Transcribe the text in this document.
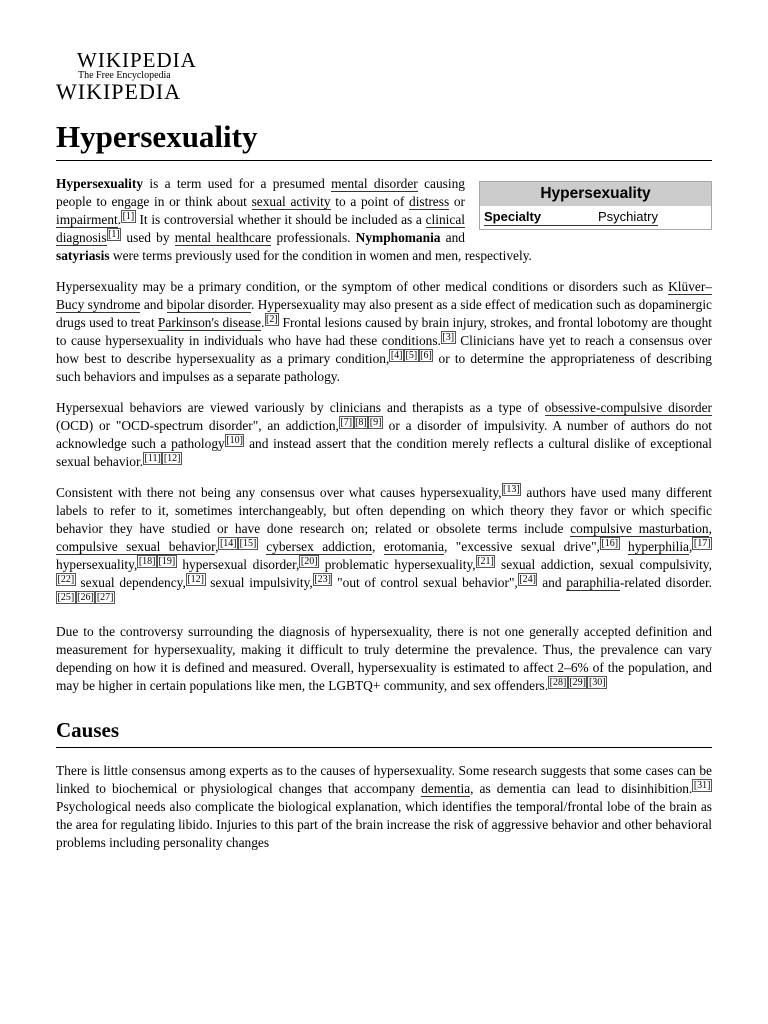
WIKIPEDIA
The Free Encyclopedia
WIKIPEDIA
Hypersexuality
Hypersexuality
Specialty	Psychiatry

Hypersexuality is a term used for a presumed mental disorder causing people to engage in or think about sexual activity to a point of distress or impairment. [1] It is controversial whether it should be included as a clinical diagnosis [1] used by mental healthcare professionals. Nymphomania and satyriasis were terms previously used for the condition in women and men, respectively.

Hypersexuality may be a primary condition, or the symptom of other medical conditions or disorders such as Klüver–Bucy syndrome and bipolar disorder. Hypersexuality may also present as a side effect of medication such as dopaminergic drugs used to treat Parkinson's disease. [2] Frontal lesions caused by brain injury, strokes, and frontal lobotomy are thought to cause hypersexuality in individuals who have had these conditions. [3] Clinicians have yet to reach a consensus over how best to describe hypersexuality as a primary condition, [4] [5] [6] or to determine the appropriateness of describing such behaviors and impulses as a separate pathology.

Hypersexual behaviors are viewed variously by clinicians and therapists as a type of obsessive-compulsive disorder (OCD) or "OCD-spectrum disorder", an addiction, [7] [8] [9] or a disorder of impulsivity. A number of authors do not acknowledge such a pathology [10] and instead assert that the condition merely reflects a cultural dislike of exceptional sexual behavior. [11] [12]

Consistent with there not being any consensus over what causes hypersexuality, [13] authors have used many different labels to refer to it, sometimes interchangeably, but often depending on which theory they favor or which specific behavior they have studied or have done research on; related or obsolete terms include compulsive masturbation, compulsive sexual behavior, [14] [15] cybersex addiction, erotomania, "excessive sexual drive", [16] hyperphilia, [17] hypersexuality, [18] [19] hypersexual disorder, [20] problematic hypersexuality, [21] sexual addiction, sexual compulsivity,[22] sexual dependency, [12] sexual impulsivity, [23] "out of control sexual behavior", [24] and paraphilia-related disorder.[25] [26] [27]

Due to the controversy surrounding the diagnosis of hypersexuality, there is not one generally accepted definition and measurement for hypersexuality, making it difficult to truly determine the prevalence. Thus, the prevalence can vary depending on how it is defined and measured. Overall, hypersexuality is estimated to affect 2–6% of the population, and may be higher in certain populations like men, the LGBTQ+ community, and sex offenders. [28] [29] [30]

Causes

There is little consensus among experts as to the causes of hypersexuality. Some research suggests that some cases can be linked to biochemical or physiological changes that accompany dementia, as dementia can lead to disinhibition. [31] Psychological needs also complicate the biological explanation, which identifies the temporal/frontal lobe of the brain as the area for regulating libido. Injuries to this part of the brain increase the risk of aggressive behavior and other behavioral problems including personality changes
